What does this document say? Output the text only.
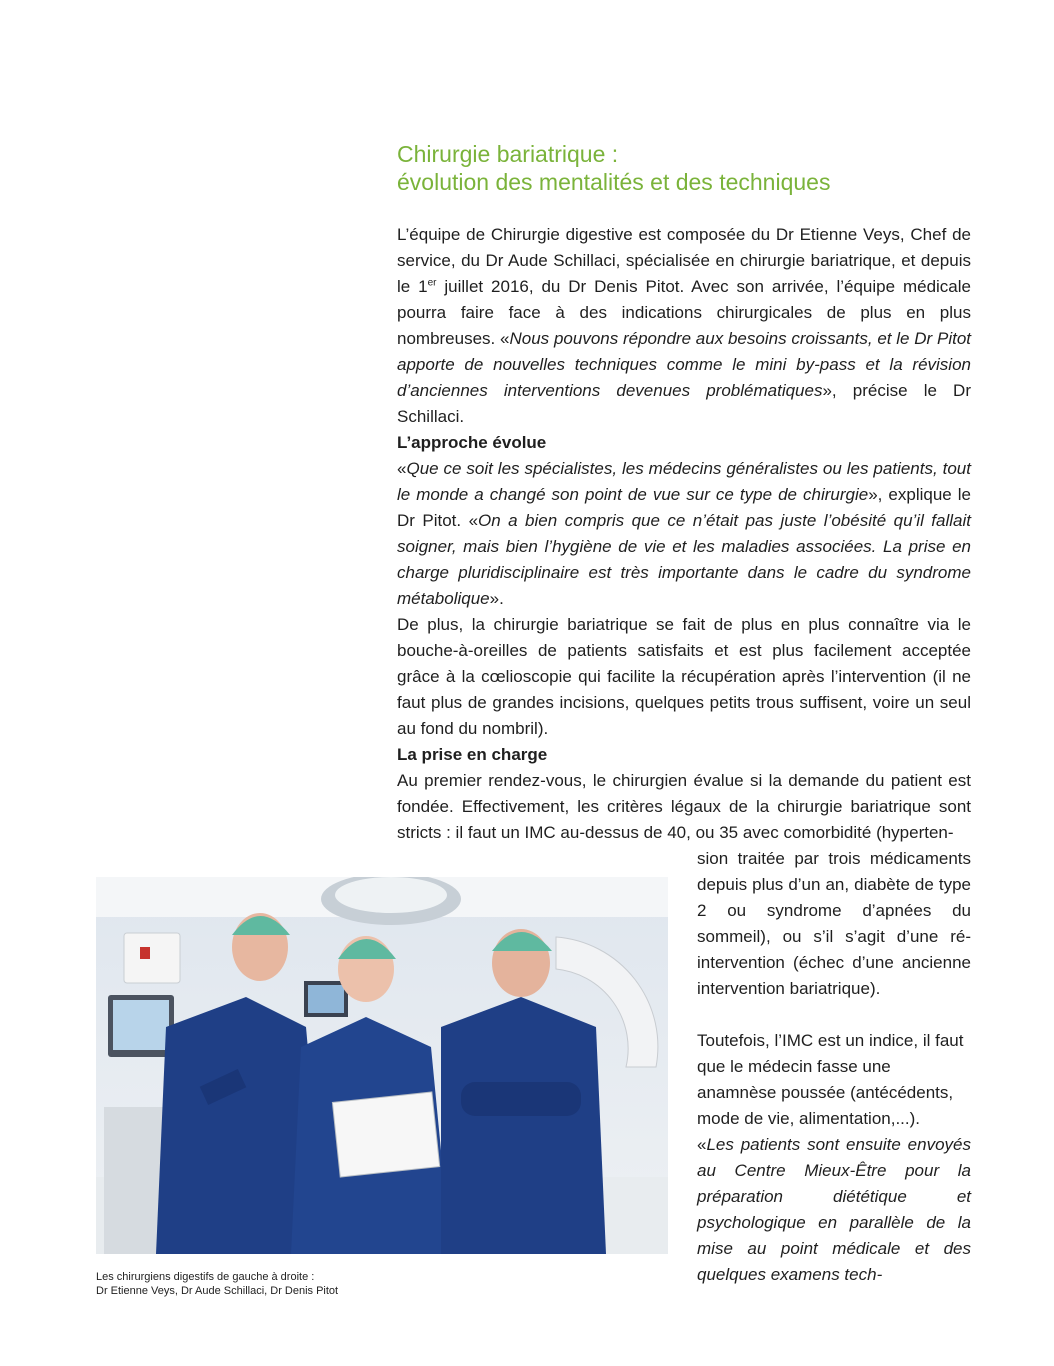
Chirurgie bariatrique :
évolution des mentalités et des techniques

L’équipe de Chirurgie digestive est composée du Dr Etienne Veys, Chef de service, du Dr Aude Schillaci, spécialisée en chirurgie bariatrique, et depuis le 1er juillet 2016, du Dr Denis Pitot. Avec son arrivée, l’équipe médicale pourra faire face à des indications chirurgicales de plus en plus nombreuses. «Nous pouvons répondre aux besoins croissants, et le Dr Pitot apporte de nouvelles techniques comme le mini by-pass et la révision d’anciennes interventions devenues problématiques», précise le Dr Schillaci.

L’approche évolue

«Que ce soit les spécialistes, les médecins généralistes ou les patients, tout le monde a changé son point de vue sur ce type de chirurgie», explique le Dr Pitot. «On a bien compris que ce n’était pas juste l’obésité qu’il fallait soigner, mais bien l’hygiène de vie et les maladies associées. La prise en charge pluridisciplinaire est très importante dans le cadre du syndrome métabolique».

De plus, la chirurgie bariatrique se fait de plus en plus connaître via le bouche-à-oreilles de patients satisfaits et est plus facilement acceptée grâce à la cœlioscopie qui facilite la récupération après l’intervention (il ne faut plus de grandes incisions, quelques petits trous suffisent, voire un seul au fond du nombril).

La prise en charge

Au premier rendez-vous, le chirurgien évalue si la demande du patient est fondée. Effectivement, les critères légaux de la chirurgie bariatrique sont stricts : il faut un IMC au-dessus de 40, ou 35 avec comorbidité (hyperten-

sion traitée par trois médicaments depuis plus d’un an, diabète de type 2 ou syndrome d’apnées du sommeil), ou s’il s’agit d’une ré-intervention (échec d’une ancienne intervention bariatrique).

Toutefois, l’IMC est un indice, il faut que le médecin fasse une anamnèse poussée (antécédents, mode de vie, alimentation,...).

«Les patients sont ensuite envoyés au Centre Mieux-Être pour la préparation diététique et psychologique en parallèle de la mise au point médicale et des quelques examens tech-

Les chirurgiens digestifs de gauche à droite :
Dr Etienne Veys, Dr Aude Schillaci, Dr Denis Pitot
